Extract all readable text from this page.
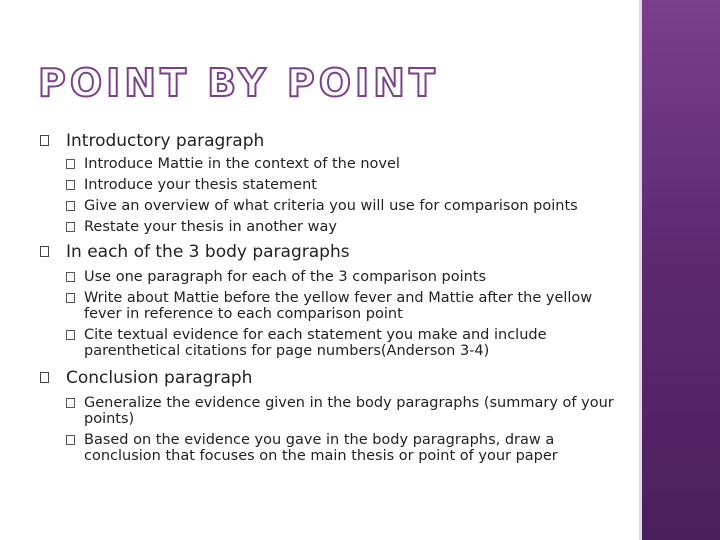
POINT BY POINT
Introductory paragraph
Introduce Mattie in the context of the novel
Introduce your thesis statement
Give an overview of what criteria you will use for comparison points
Restate your thesis in another way
In each of the 3 body paragraphs
Use one paragraph for each of the 3 comparison points
Write about Mattie before the yellow fever and Mattie after the yellow fever in reference to each comparison point
Cite textual evidence for each statement you make and include parenthetical citations for page numbers(Anderson 3-4)
Conclusion paragraph
Generalize the evidence given in the body paragraphs (summary of your points)
Based on the evidence you gave in the body paragraphs, draw a conclusion that focuses on the main thesis or point of your paper
